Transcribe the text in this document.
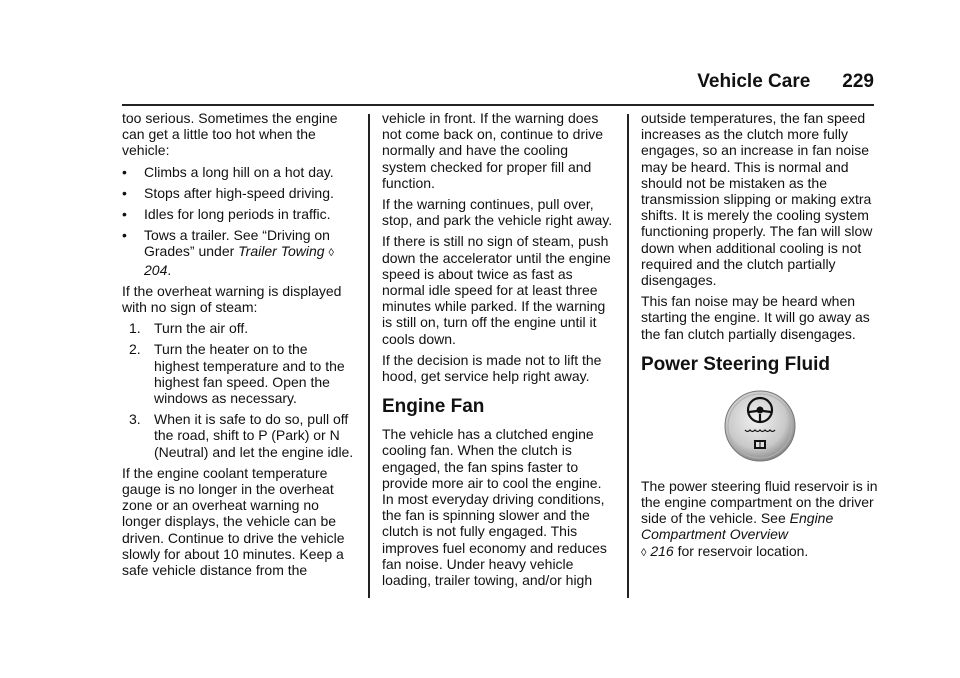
Vehicle Care 229

too serious. Sometimes the engine can get a little too hot when the vehicle:

• Climbs a long hill on a hot day.
• Stops after high-speed driving.
• Idles for long periods in traffic.
• Tows a trailer. See “Driving on Grades” under Trailer Towing ◊ 204.

If the overheat warning is displayed with no sign of steam:

1. Turn the air off.
2. Turn the heater on to the highest temperature and to the highest fan speed. Open the windows as necessary.
3. When it is safe to do so, pull off the road, shift to P (Park) or N (Neutral) and let the engine idle.

If the engine coolant temperature gauge is no longer in the overheat zone or an overheat warning no longer displays, the vehicle can be driven. Continue to drive the vehicle slowly for about 10 minutes. Keep a safe vehicle distance from the

vehicle in front. If the warning does not come back on, continue to drive normally and have the cooling system checked for proper fill and function.

If the warning continues, pull over, stop, and park the vehicle right away.

If there is still no sign of steam, push down the accelerator until the engine speed is about twice as fast as normal idle speed for at least three minutes while parked. If the warning is still on, turn off the engine until it cools down.

If the decision is made not to lift the hood, get service help right away.

Engine Fan

The vehicle has a clutched engine cooling fan. When the clutch is engaged, the fan spins faster to provide more air to cool the engine. In most everyday driving conditions, the fan is spinning slower and the clutch is not fully engaged. This improves fuel economy and reduces fan noise. Under heavy vehicle loading, trailer towing, and/or high

outside temperatures, the fan speed increases as the clutch more fully engages, so an increase in fan noise may be heard. This is normal and should not be mistaken as the transmission slipping or making extra shifts. It is merely the cooling system functioning properly. The fan will slow down when additional cooling is not required and the clutch partially disengages.

This fan noise may be heard when starting the engine. It will go away as the fan clutch partially disengages.

Power Steering Fluid

The power steering fluid reservoir is in the engine compartment on the driver side of the vehicle. See Engine Compartment Overview
◊ 216 for reservoir location.
